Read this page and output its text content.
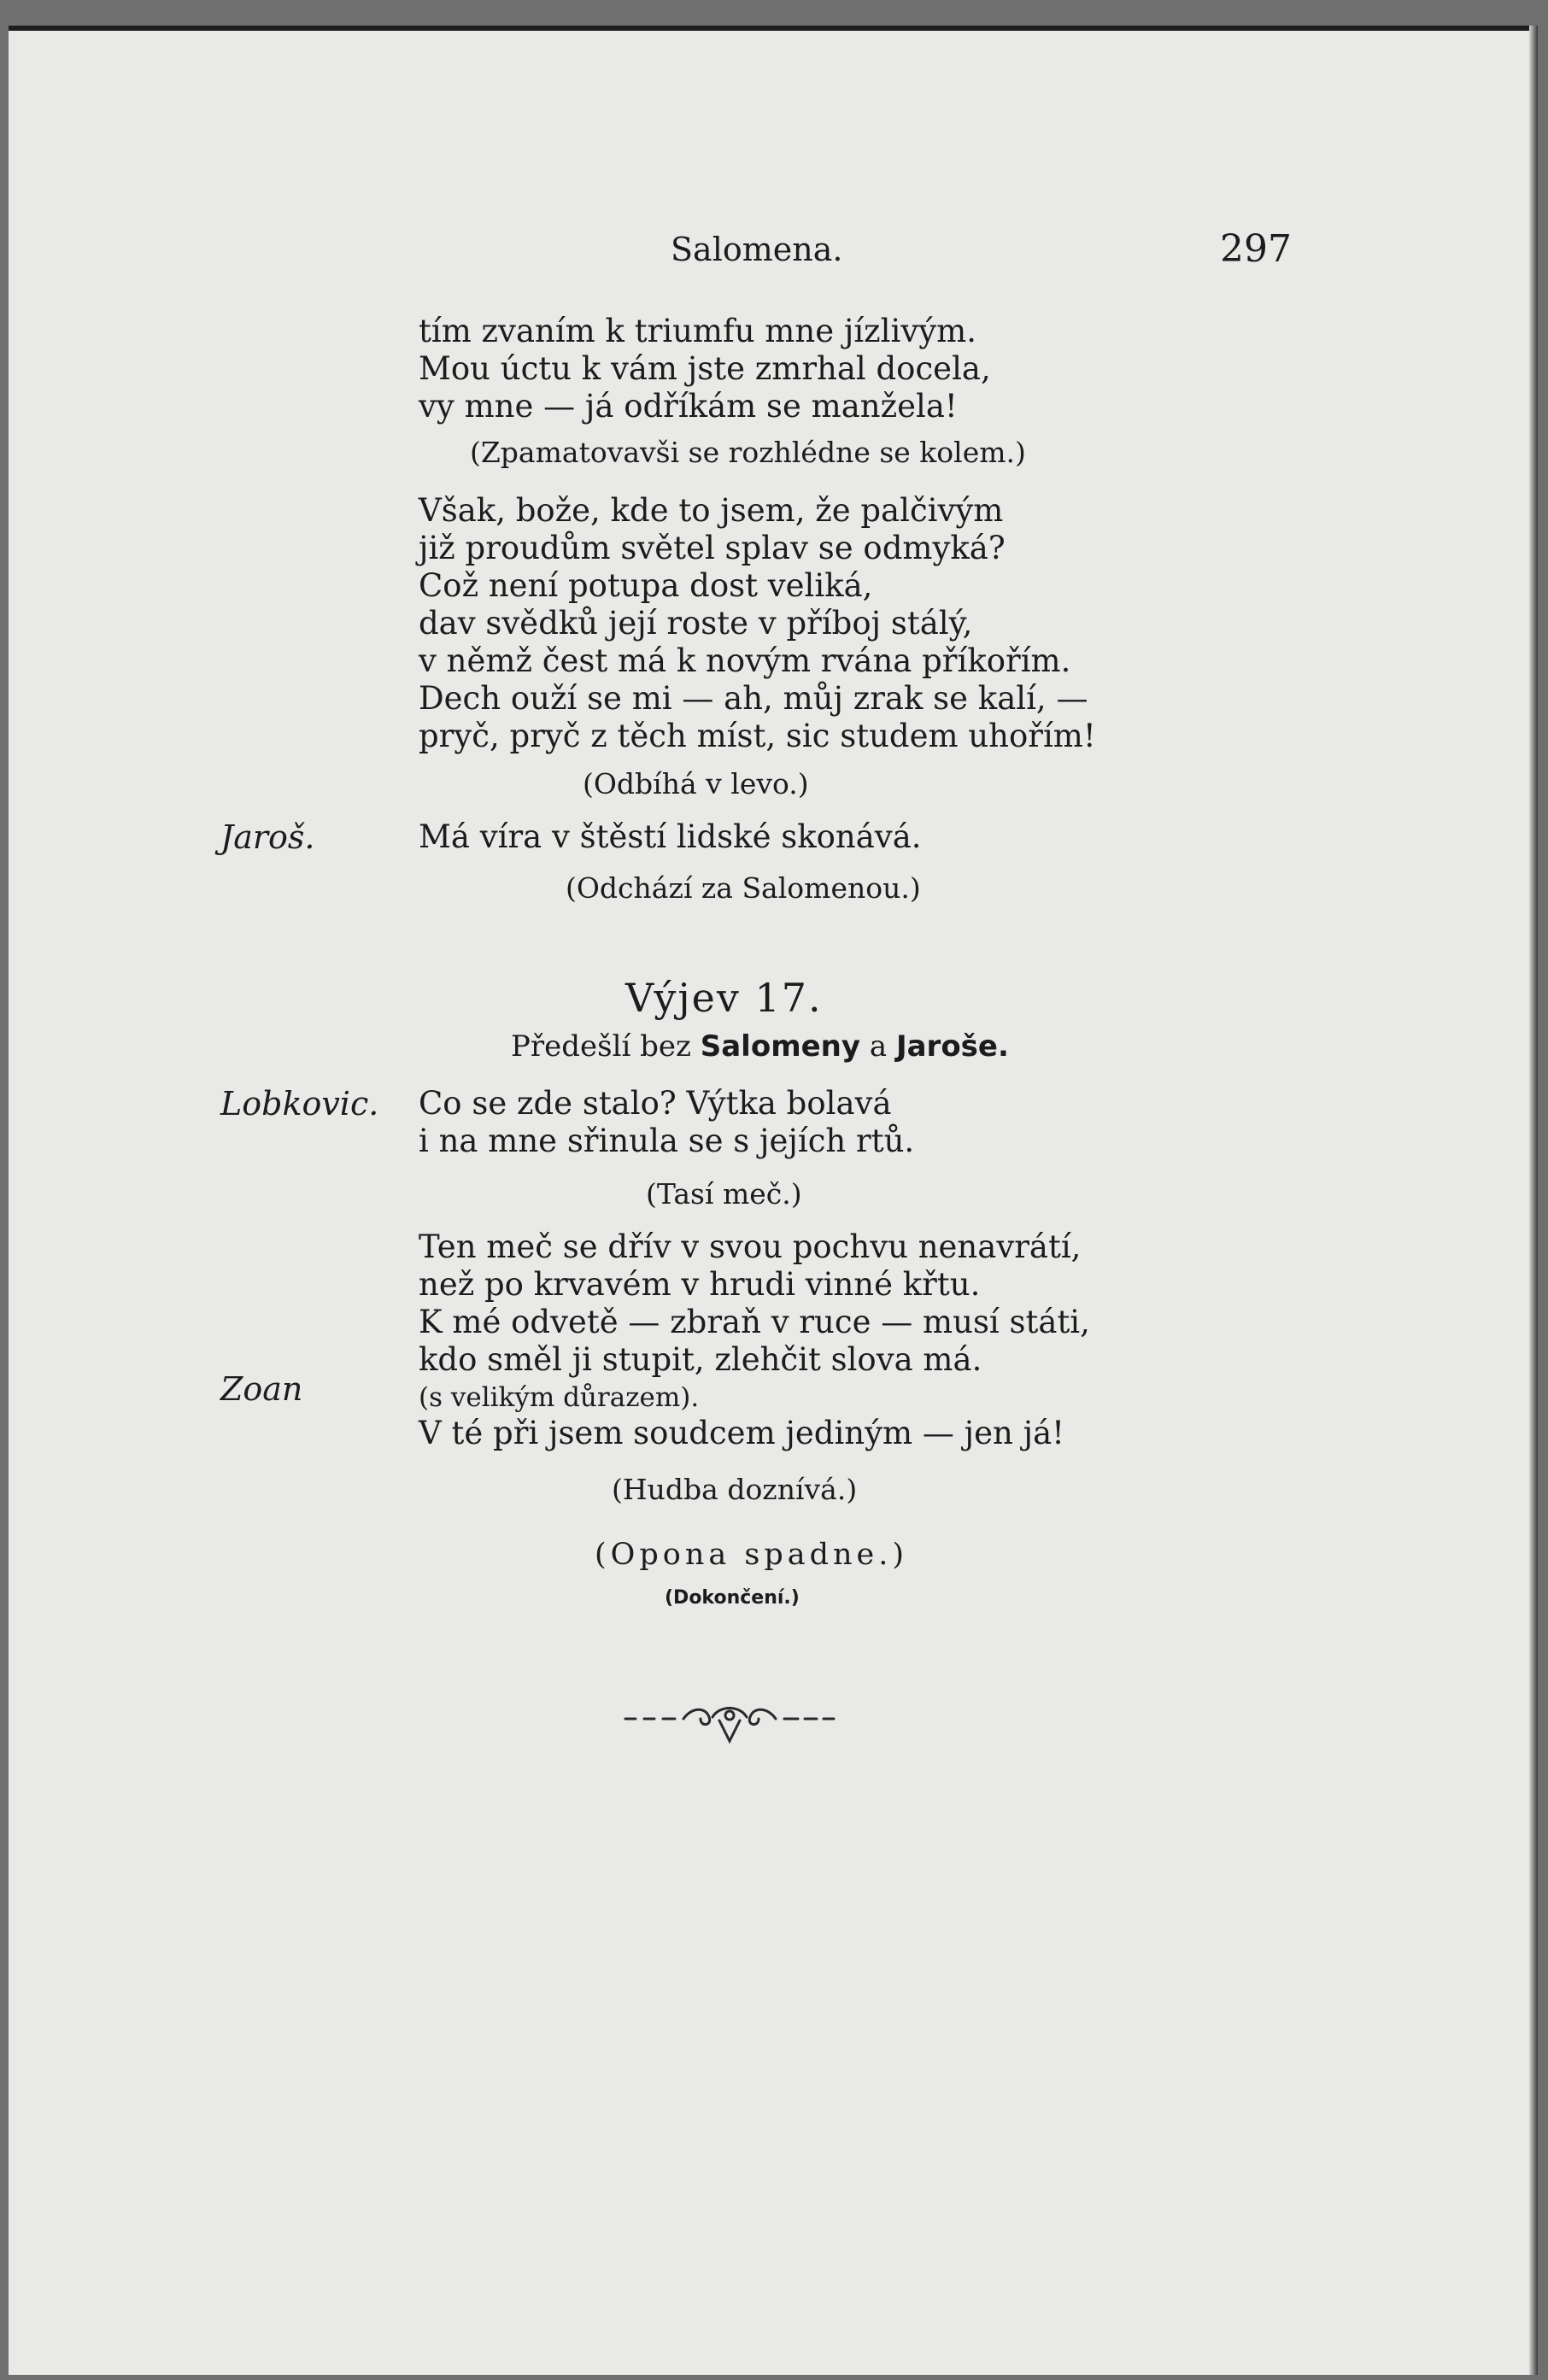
Salomena.	297
tím zvaním k triumfu mne jízlivým.
Mou úctu k vám jste zmrhal docela,
vy mne — já odříkám se manžela!
(Zpamatovavši se rozhlédne se kolem.)
Však, bože, kde to jsem, že palčivým
již proudům světel splav se odmyká?
Což není potupa dost veliká,
dav svědků její roste v příboj stálý,
v němž čest má k novým rvána příkořím.
Dech ouží se mi — ah, můj zrak se kalí, —
pryč, pryč z těch míst, sic studem uhořím!
(Odbíhá v levo.)
Jaroš.	Má víra v štěstí lidské skonává.
(Odchází za Salomenou.)
Výjev 17.
Předešlí bez Salomeny a Jaroše.
Lobkovic. Co se zde stalo? Výtka bolavá
i na mne sřinula se s jejích rtů.
(Tasí meč.)
Ten meč se dřív v svou pochvu nenavrátí,
než po krvavém v hrudi vinné křtu.
K mé odvetě — zbraň v ruce — musí státi,
kdo směl ji stupit, zlehčit slova má.
Zoan	(s velikým důrazem).
V té při jsem soudcem jediným — jen já!
(Hudba doznívá.)
(Opona spadne.)
(Dokončení.)
